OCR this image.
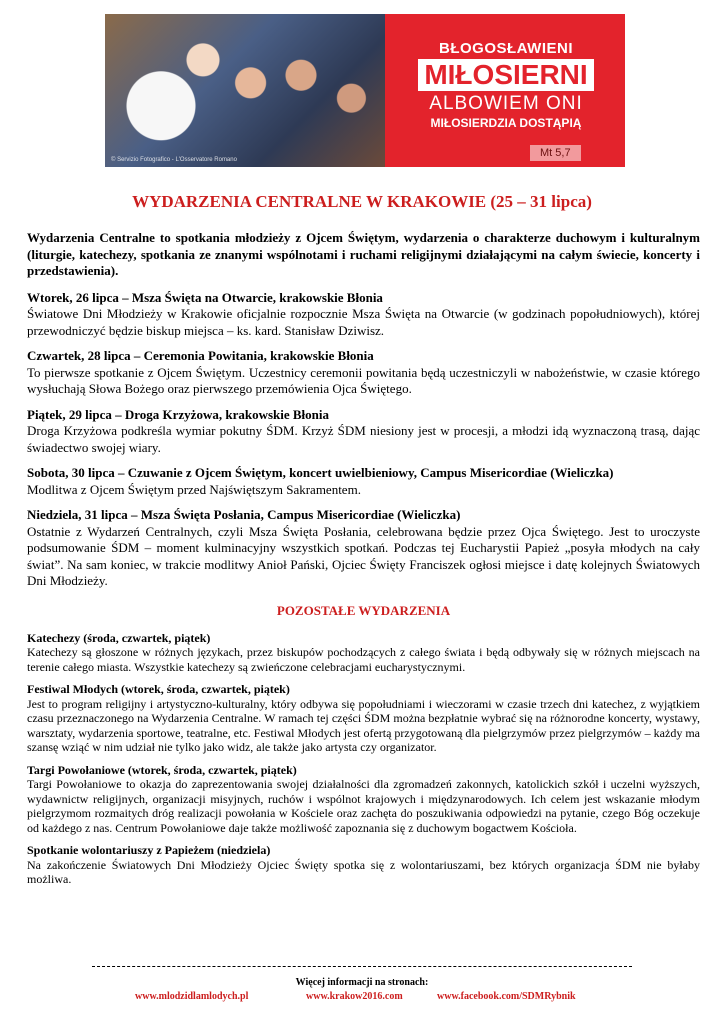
© Servizio Fotografico - L'Osservatore Romano
BŁOGOSŁAWIENI
MIŁOSIERNI
ALBOWIEM ONI
MIŁOSIERDZIA DOSTĄPIĄ
Mt 5,7
WYDARZENIA CENTRALNE W KRAKOWIE (25 – 31 lipca)

Wydarzenia Centralne to spotkania młodzieży z Ojcem Świętym, wydarzenia o charakterze duchowym i kulturalnym (liturgie, katechezy, spotkania ze znanymi wspólnotami i ruchami religijnymi działającymi na całym świecie, koncerty i przedstawienia).

Wtorek, 26 lipca – Msza Święta na Otwarcie, krakowskie Błonia

Światowe Dni Młodzieży w Krakowie oficjalnie rozpocznie Msza Święta na Otwarcie (w godzinach popołudniowych), której przewodniczyć będzie biskup miejsca – ks. kard. Stanisław Dziwisz.

Czwartek, 28 lipca – Ceremonia Powitania, krakowskie Błonia

To pierwsze spotkanie z Ojcem Świętym. Uczestnicy ceremonii powitania będą uczestniczyli w nabożeństwie, w czasie którego wysłuchają Słowa Bożego oraz pierwszego przemówienia Ojca Świętego.

Piątek, 29 lipca – Droga Krzyżowa, krakowskie Błonia

Droga Krzyżowa podkreśla wymiar pokutny ŚDM. Krzyż ŚDM niesiony jest w procesji, a młodzi idą wyznaczoną trasą, dając świadectwo swojej wiary.

Sobota, 30 lipca – Czuwanie z Ojcem Świętym, koncert uwielbieniowy, Campus Misericordiae (Wieliczka)

Modlitwa z Ojcem Świętym przed Najświętszym Sakramentem.

Niedziela, 31 lipca – Msza Święta Posłania, Campus Misericordiae (Wieliczka)

Ostatnie z Wydarzeń Centralnych, czyli Msza Święta Posłania, celebrowana będzie przez Ojca Świętego. Jest to uroczyste podsumowanie ŚDM – moment kulminacyjny wszystkich spotkań. Podczas tej Eucharystii Papież „posyła młodych na cały świat”. Na sam koniec, w trakcie modlitwy Anioł Pański, Ojciec Święty Franciszek ogłosi miejsce i datę kolejnych Światowych Dni Młodzieży.

POZOSTAŁE WYDARZENIA

Katechezy (środa, czwartek, piątek)

Katechezy są głoszone w różnych językach, przez biskupów pochodzących z całego świata i będą odbywały się w różnych miejscach na terenie całego miasta. Wszystkie katechezy są zwieńczone celebracjami eucharystycznymi.

Festiwal Młodych (wtorek, środa, czwartek, piątek)

Jest to program religijny i artystyczno-kulturalny, który odbywa się popołudniami i wieczorami w czasie trzech dni katechez, z wyjątkiem czasu przeznaczonego na Wydarzenia Centralne. W ramach tej części ŚDM można bezpłatnie wybrać się na różnorodne koncerty, wystawy, warsztaty, wydarzenia sportowe, teatralne, etc. Festiwal Młodych jest ofertą przygotowaną dla pielgrzymów przez pielgrzymów – każdy ma szansę wziąć w nim udział nie tylko jako widz, ale także jako artysta czy organizator.

Targi Powołaniowe (wtorek, środa, czwartek, piątek)

Targi Powołaniowe to okazja do zaprezentowania swojej działalności dla zgromadzeń zakonnych, katolickich szkół i uczelni wyższych, wydawnictw religijnych, organizacji misyjnych, ruchów i wspólnot krajowych i międzynarodowych. Ich celem jest wskazanie młodym pielgrzymom rozmaitych dróg realizacji powołania w Kościele oraz zachęta do poszukiwania odpowiedzi na pytanie, czego Bóg oczekuje od każdego z nas. Centrum Powołaniowe daje także możliwość zapoznania się z duchowym bogactwem Kościoła.

Spotkanie wolontariuszy z Papieżem (niedziela)

Na zakończenie Światowych Dni Młodzieży Ojciec Święty spotka się z wolontariuszami, bez których organizacja ŚDM nie byłaby możliwa.

Więcej informacji na stronach:
www.mlodzidlamlodych.pl	www.krakow2016.com	www.facebook.com/SDMRybnik
